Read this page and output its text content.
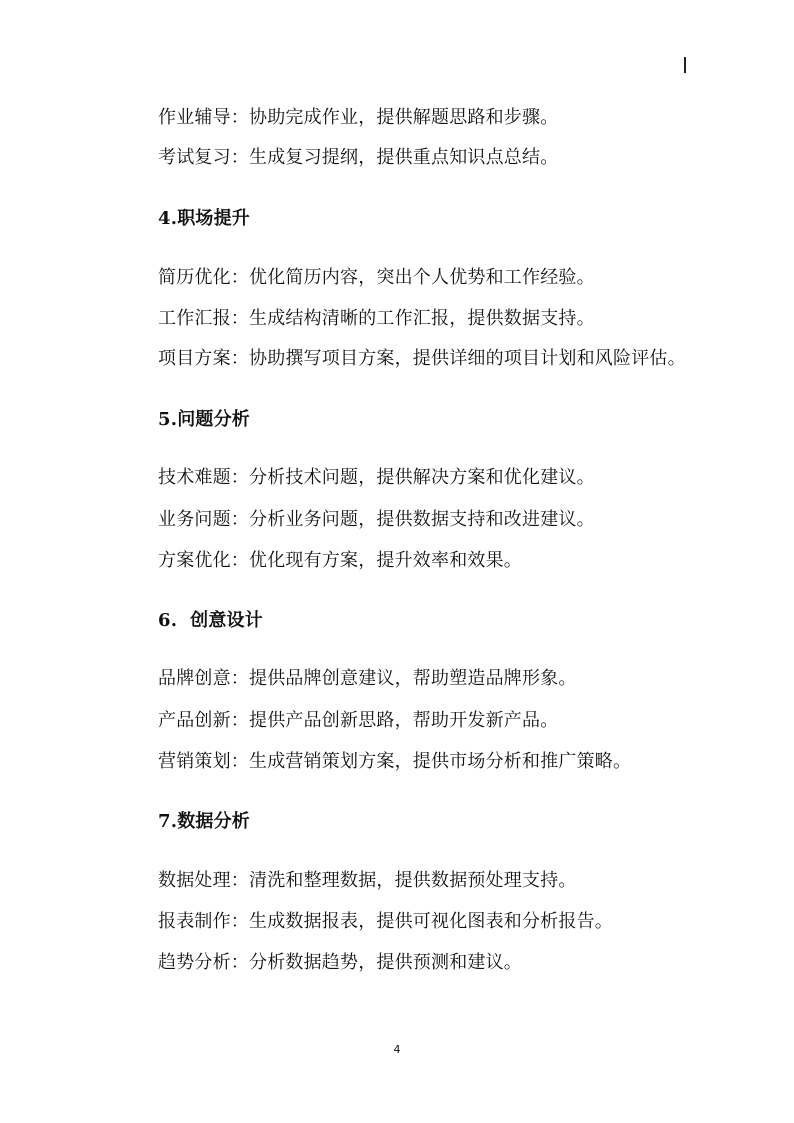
作业辅导：协助完成作业，提供解题思路和步骤。
考试复习：生成复习提纲，提供重点知识点总结。
4.职场提升
简历优化：优化简历内容，突出个人优势和工作经验。
工作汇报：生成结构清晰的工作汇报，提供数据支持。
项目方案：协助撰写项目方案，提供详细的项目计划和风险评估。
5.问题分析
技术难题：分析技术问题，提供解决方案和优化建议。
业务问题：分析业务问题，提供数据支持和改进建议。
方案优化：优化现有方案，提升效率和效果。
6.  创意设计
品牌创意：提供品牌创意建议，帮助塑造品牌形象。
产品创新：提供产品创新思路，帮助开发新产品。
营销策划：生成营销策划方案，提供市场分析和推广策略。
7.数据分析
数据处理：清洗和整理数据，提供数据预处理支持。
报表制作：生成数据报表，提供可视化图表和分析报告。
趋势分析：分析数据趋势，提供预测和建议。
4
